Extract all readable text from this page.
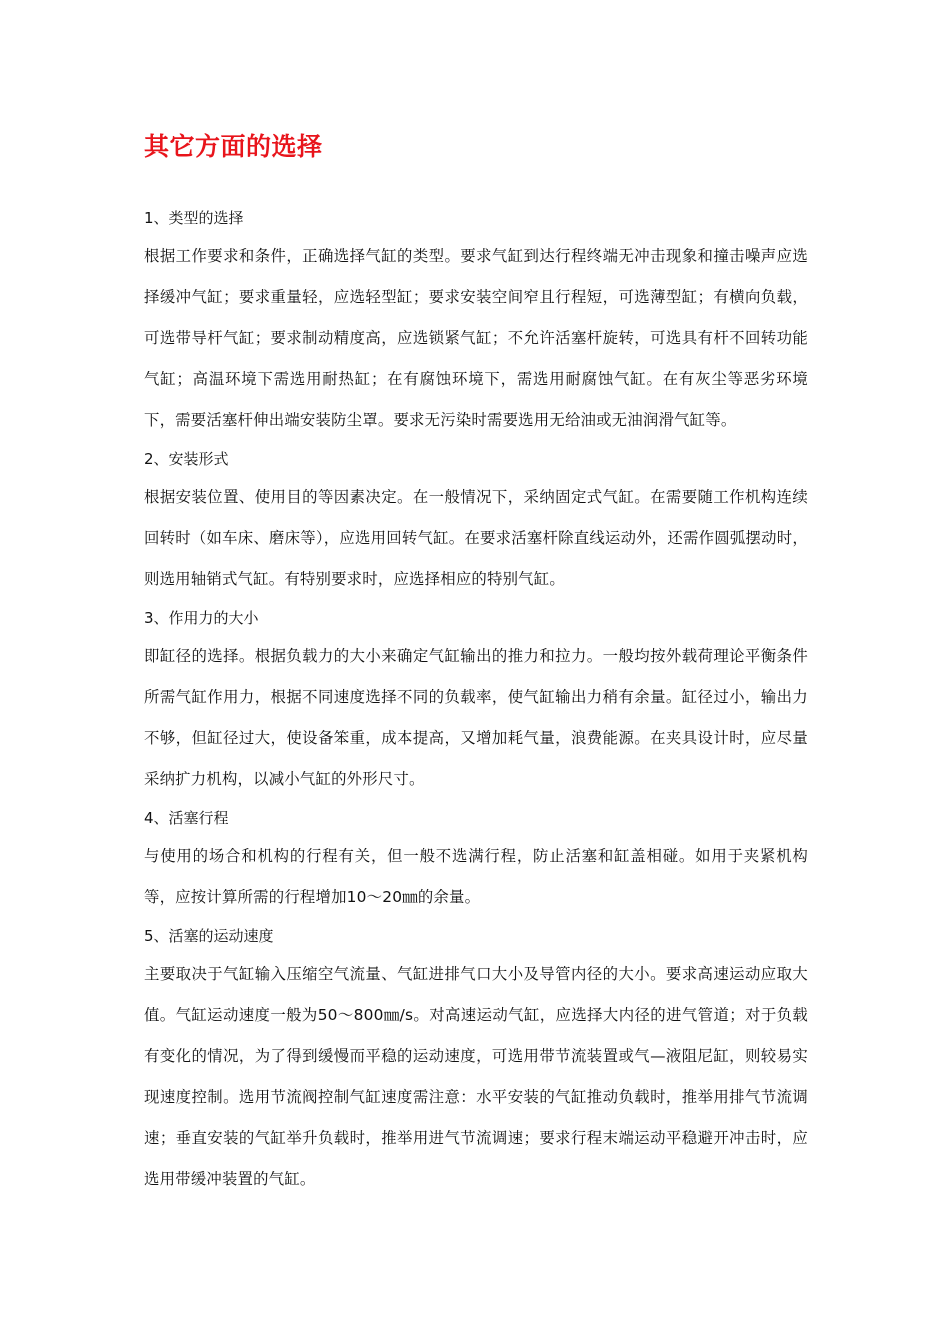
其它方面的选择
1、类型的选择

根据工作要求和条件，正确选择气缸的类型。要求气缸到达行程终端无冲击现象和撞击噪声应选择缓冲气缸；要求重量轻，应选轻型缸；要求安装空间窄且行程短，可选薄型缸；有横向负载，可选带导杆气缸；要求制动精度高，应选锁紧气缸；不允许活塞杆旋转，可选具有杆不回转功能气缸；高温环境下需选用耐热缸；在有腐蚀环境下，需选用耐腐蚀气缸。在有灰尘等恶劣环境下，需要活塞杆伸出端安装防尘罩。要求无污染时需要选用无给油或无油润滑气缸等。

2、安装形式

根据安装位置、使用目的等因素决定。在一般情况下，采纳固定式气缸。在需要随工作机构连续回转时（如车床、磨床等），应选用回转气缸。在要求活塞杆除直线运动外，还需作圆弧摆动时，则选用轴销式气缸。有特别要求时，应选择相应的特别气缸。

3、作用力的大小

即缸径的选择。根据负载力的大小来确定气缸输出的推力和拉力。一般均按外载荷理论平衡条件所需气缸作用力，根据不同速度选择不同的负载率，使气缸输出力稍有余量。缸径过小，输出力不够，但缸径过大，使设备笨重，成本提高，又增加耗气量，浪费能源。在夹具设计时，应尽量采纳扩力机构，以减小气缸的外形尺寸。

4、活塞行程

与使用的场合和机构的行程有关，但一般不选满行程，防止活塞和缸盖相碰。如用于夹紧机构等，应按计算所需的行程增加10～20㎜的余量。

5、活塞的运动速度

主要取决于气缸输入压缩空气流量、气缸进排气口大小及导管内径的大小。要求高速运动应取大值。气缸运动速度一般为50～800㎜/s。对高速运动气缸，应选择大内径的进气管道；对于负载有变化的情况，为了得到缓慢而平稳的运动速度，可选用带节流装置或气—液阻尼缸，则较易实现速度控制。选用节流阀控制气缸速度需注意：水平安装的气缸推动负载时，推举用排气节流调速；垂直安装的气缸举升负载时，推举用进气节流调速；要求行程末端运动平稳避开冲击时，应选用带缓冲装置的气缸。
